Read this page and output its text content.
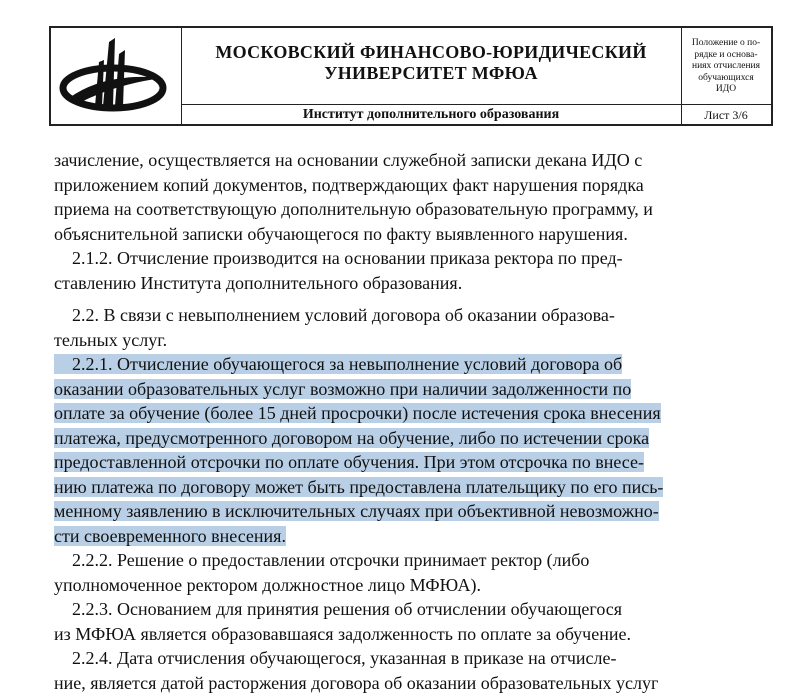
МОСКОВСКИЙ ФИНАНСОВО-ЮРИДИЧЕСКИЙ
УНИВЕРСИТЕТ МФЮА
Институт дополнительного образования
Положение о по-
рядке и основа-
ниях отчисления
обучающихся
ИДО
Лист 3/6
зачисление, осуществляется на основании служебной записки декана ИДО с
приложением копий документов, подтверждающих факт нарушения порядка
приема на соответствующую дополнительную образовательную программу, и
объяснительной записки обучающегося по факту выявленного нарушения.
2.1.2. Отчисление производится на основании приказа ректора по пред-
ставлению Института дополнительного образования.
2.2. В связи с невыполнением условий договора об оказании образова-
тельных услуг.
2.2.1. Отчисление обучающегося за невыполнение условий договора об
оказании образовательных услуг возможно при наличии задолженности по
оплате за обучение (более 15 дней просрочки) после истечения срока внесения
платежа, предусмотренного договором на обучение, либо по истечении срока
предоставленной отсрочки по оплате обучения. При этом отсрочка по внесе-
нию платежа по договору может быть предоставлена плательщику по его пись-
менному заявлению в исключительных случаях при объективной невозможно-
сти своевременного внесения.
2.2.2. Решение о предоставлении отсрочки принимает ректор (либо
уполномоченное ректором должностное лицо МФЮА).
2.2.3. Основанием для принятия решения об отчислении обучающегося
из МФЮА является образовавшаяся задолженность по оплате за обучение.
2.2.4. Дата отчисления обучающегося, указанная в приказе на отчисле-
ние, является датой расторжения договора об оказании образовательных услуг
